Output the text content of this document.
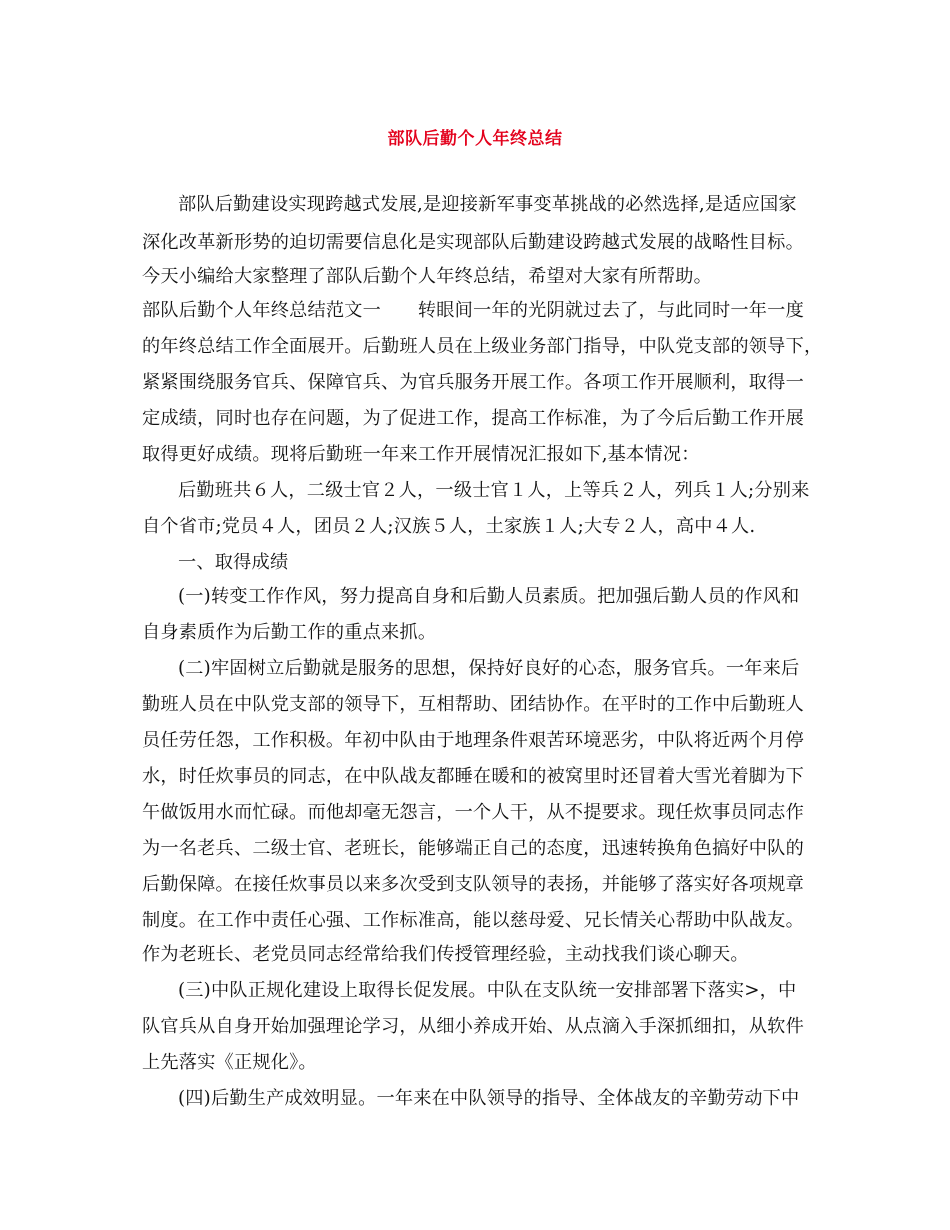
部队后勤个人年终总结
部队后勤建设实现跨越式发展,是迎接新军事变革挑战的必然选择,是适应国家
深化改革新形势的迫切需要信息化是实现部队后勤建设跨越式发展的战略性目标。
今天小编给大家整理了部队后勤个人年终总结，希望对大家有所帮助。
部队后勤个人年终总结范文一　　转眼间一年的光阴就过去了，与此同时一年一度
的年终总结工作全面展开。后勤班人员在上级业务部门指导，中队党支部的领导下，
紧紧围绕服务官兵、保障官兵、为官兵服务开展工作。各项工作开展顺利，取得一
定成绩，同时也存在问题，为了促进工作，提高工作标准，为了今后后勤工作开展
取得更好成绩。现将后勤班一年来工作开展情况汇报如下,基本情况：
后勤班共６人，二级士官２人，一级士官１人，上等兵２人，列兵１人;分别来
自个省市;党员４人，团员２人;汉族５人，土家族１人;大专２人，高中４人.
一、取得成绩
(一)转变工作作风，努力提高自身和后勤人员素质。把加强后勤人员的作风和
自身素质作为后勤工作的重点来抓。
(二)牢固树立后勤就是服务的思想，保持好良好的心态，服务官兵。一年来后
勤班人员在中队党支部的领导下，互相帮助、团结协作。在平时的工作中后勤班人
员任劳任怨，工作积极。年初中队由于地理条件艰苦环境恶劣，中队将近两个月停
水，时任炊事员的同志，在中队战友都睡在暖和的被窝里时还冒着大雪光着脚为下
午做饭用水而忙碌。而他却毫无怨言，一个人干，从不提要求。现任炊事员同志作
为一名老兵、二级士官、老班长，能够端正自己的态度，迅速转换角色搞好中队的
后勤保障。在接任炊事员以来多次受到支队领导的表扬，并能够了落实好各项规章
制度。在工作中责任心强、工作标准高，能以慈母爱、兄长情关心帮助中队战友。
作为老班长、老党员同志经常给我们传授管理经验，主动找我们谈心聊天。
(三)中队正规化建设上取得长促发展。中队在支队统一安排部署下落实>，中
队官兵从自身开始加强理论学习，从细小养成开始、从点滴入手深抓细扣，从软件
上先落实《正规化》。
(四)后勤生产成效明显。一年来在中队领导的指导、全体战友的辛勤劳动下中
